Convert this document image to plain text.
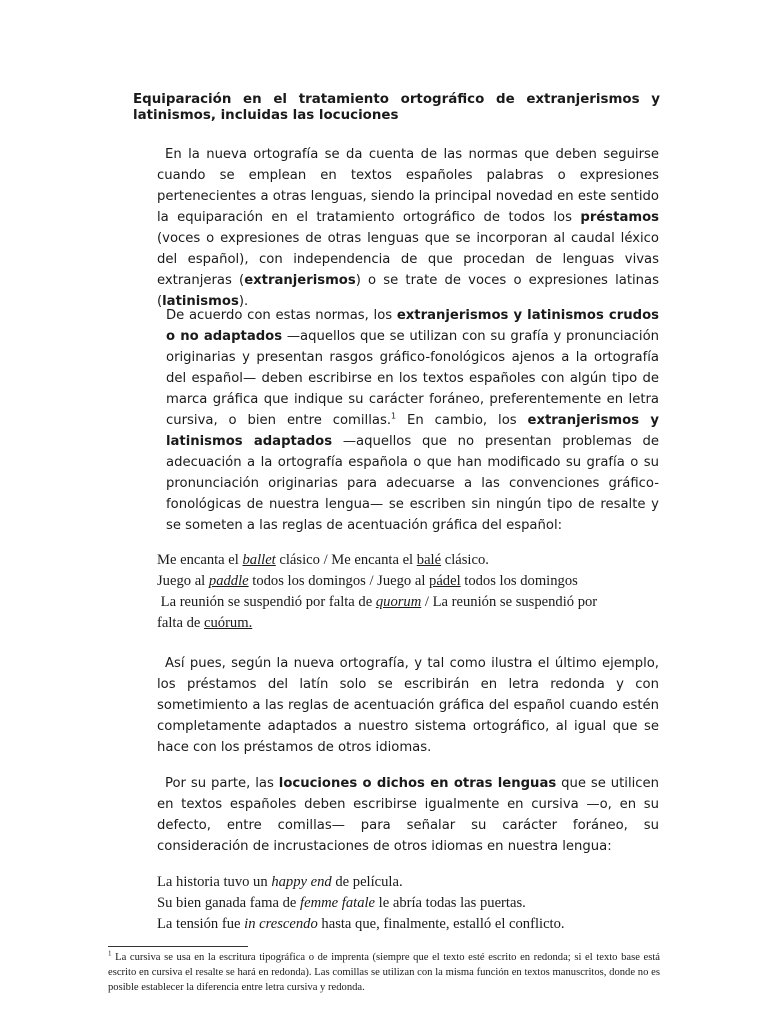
Equiparación en el tratamiento ortográfico de extranjerismos y latinismos, incluidas las locuciones

En la nueva ortografía se da cuenta de las normas que deben seguirse cuando se emplean en textos españoles palabras o expresiones pertenecientes a otras lenguas, siendo la principal novedad en este sentido la equiparación en el tratamiento ortográfico de todos los préstamos (voces o expresiones de otras lenguas que se incorporan al caudal léxico del español), con independencia de que procedan de lenguas vivas extranjeras (extranjerismos) o se trate de voces o expresiones latinas (latinismos).

De acuerdo con estas normas, los extranjerismos y latinismos crudos o no adaptados —aquellos que se utilizan con su grafía y pronunciación originarias y presentan rasgos gráfico-fonológicos ajenos a la ortografía del español— deben escribirse en los textos españoles con algún tipo de marca gráfica que indique su carácter foráneo, preferentemente en letra cursiva, o bien entre comillas.$^1$ En cambio, los extranjerismos y latinismos adaptados —aquellos que no presentan problemas de adecuación a la ortografía española o que han modificado su grafía o su pronunciación originarias para adecuarse a las convenciones gráfico-fonológicas de nuestra lengua— se escriben sin ningún tipo de resalte y se someten a las reglas de acentuación gráfica del español:

Me encanta el ballet clásico / Me encanta el balé clásico.
Juego al paddle todos los domingos / Juego al pádel todos los domingos
La reunión se suspendió por falta de quorum / La reunión se suspendió por
falta de cuórum.

Así pues, según la nueva ortografía, y tal como ilustra el último ejemplo, los préstamos del latín solo se escribirán en letra redonda y con sometimiento a las reglas de acentuación gráfica del español cuando estén completamente adaptados a nuestro sistema ortográfico, al igual que se hace con los préstamos de otros idiomas.

Por su parte, las locuciones o dichos en otras lenguas que se utilicen en textos españoles deben escribirse igualmente en cursiva —o, en su defecto, entre comillas— para señalar su carácter foráneo, su consideración de incrustaciones de otros idiomas en nuestra lengua:

La historia tuvo un happy end de película.
Su bien ganada fama de femme fatale le abría todas las puertas.
La tensión fue in crescendo hasta que, finalmente, estalló el conflicto.

$^1$ La cursiva se usa en la escritura tipográfica o de imprenta (siempre que el texto esté escrito en redonda; si el texto base está escrito en cursiva el resalte se hará en redonda). Las comillas se utilizan con la misma función en textos manuscritos, donde no es posible establecer la diferencia entre letra cursiva y redonda.
